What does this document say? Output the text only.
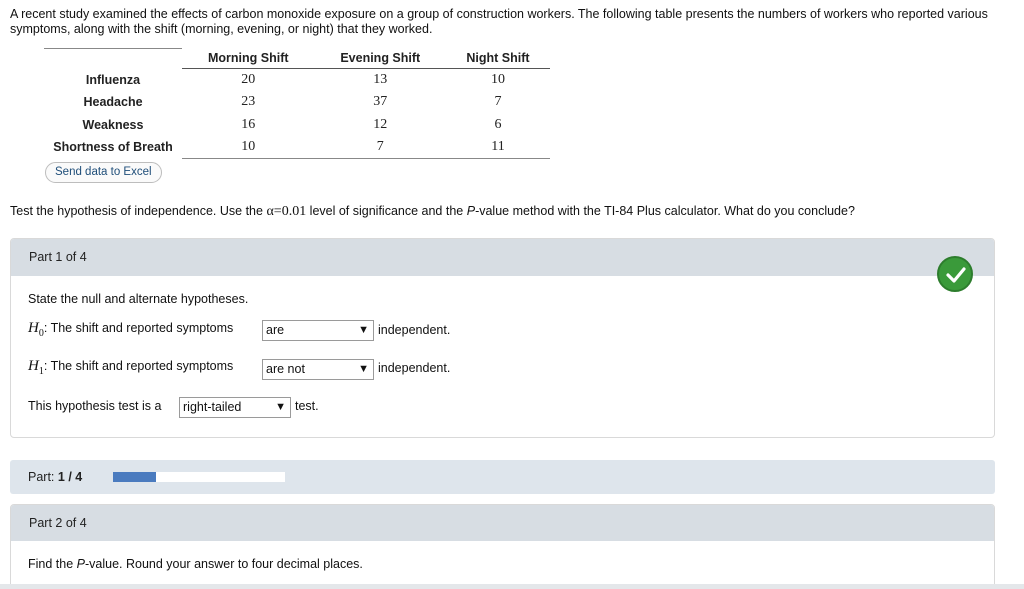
A recent study examined the effects of carbon monoxide exposure on a group of construction workers. The following table presents the numbers of workers who reported various symptoms, along with the shift (morning, evening, or night) that they worked.
	Morning Shift	Evening Shift	Night Shift
Influenza	20	13	10
Headache	23	37	7
Weakness	16	12	6
Shortness of Breath	10	7	11
Send data to Excel
Test the hypothesis of independence. Use the α=0.01 level of significance and the P-value method with the TI-84 Plus calculator. What do you conclude?
Part 1 of 4
State the null and alternate hypotheses.
$H_0$: The shift and reported symptoms	are	▼ independent.
$H_1$: The shift and reported symptoms	are not	▼ independent.
This hypothesis test is a	right-tailed	▼ test.
Part: 1 / 4
Part 2 of 4
Find the P-value. Round your answer to four decimal places.
